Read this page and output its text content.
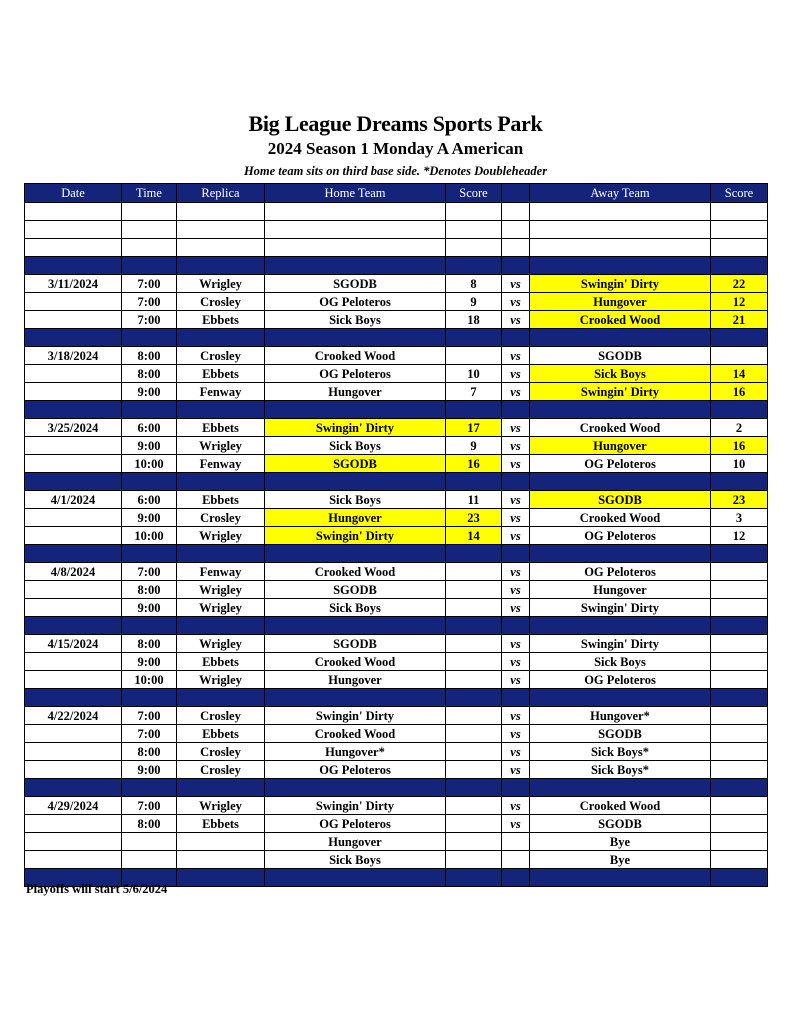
Big League Dreams Sports Park
2024 Season 1 Monday A American
Home team sits on third base side. *Denotes Doubleheader
Date	Time	Replica	Home Team	Score		Away Team	Score

3/11/2024	7:00	Wrigley	SGODB	8	vs	Swingin' Dirty	22
	7:00	Crosley	OG Peloteros	9	vs	Hungover	12
	7:00	Ebbets	Sick Boys	18	vs	Crooked Wood	21

3/18/2024	8:00	Crosley	Crooked Wood		vs	SGODB	
	8:00	Ebbets	OG Peloteros	10	vs	Sick Boys	14
	9:00	Fenway	Hungover	7	vs	Swingin' Dirty	16

3/25/2024	6:00	Ebbets	Swingin' Dirty	17	vs	Crooked Wood	2
	9:00	Wrigley	Sick Boys	9	vs	Hungover	16
	10:00	Fenway	SGODB	16	vs	OG Peloteros	10

4/1/2024	6:00	Ebbets	Sick Boys	11	vs	SGODB	23
	9:00	Crosley	Hungover	23	vs	Crooked Wood	3
	10:00	Wrigley	Swingin' Dirty	14	vs	OG Peloteros	12

4/8/2024	7:00	Fenway	Crooked Wood		vs	OG Peloteros	
	8:00	Wrigley	SGODB		vs	Hungover	
	9:00	Wrigley	Sick Boys		vs	Swingin' Dirty	

4/15/2024	8:00	Wrigley	SGODB		vs	Swingin' Dirty	
	9:00	Ebbets	Crooked Wood		vs	Sick Boys	
	10:00	Wrigley	Hungover		vs	OG Peloteros	

4/22/2024	7:00	Crosley	Swingin' Dirty		vs	Hungover*	
	7:00	Ebbets	Crooked Wood		vs	SGODB	
	8:00	Crosley	Hungover*		vs	Sick Boys*	
	9:00	Crosley	OG Peloteros		vs	Sick Boys*	

4/29/2024	7:00	Wrigley	Swingin' Dirty		vs	Crooked Wood	
	8:00	Ebbets	OG Peloteros		vs	SGODB	
			Hungover			Bye	
			Sick Boys			Bye	

Playoffs will start 5/6/2024
